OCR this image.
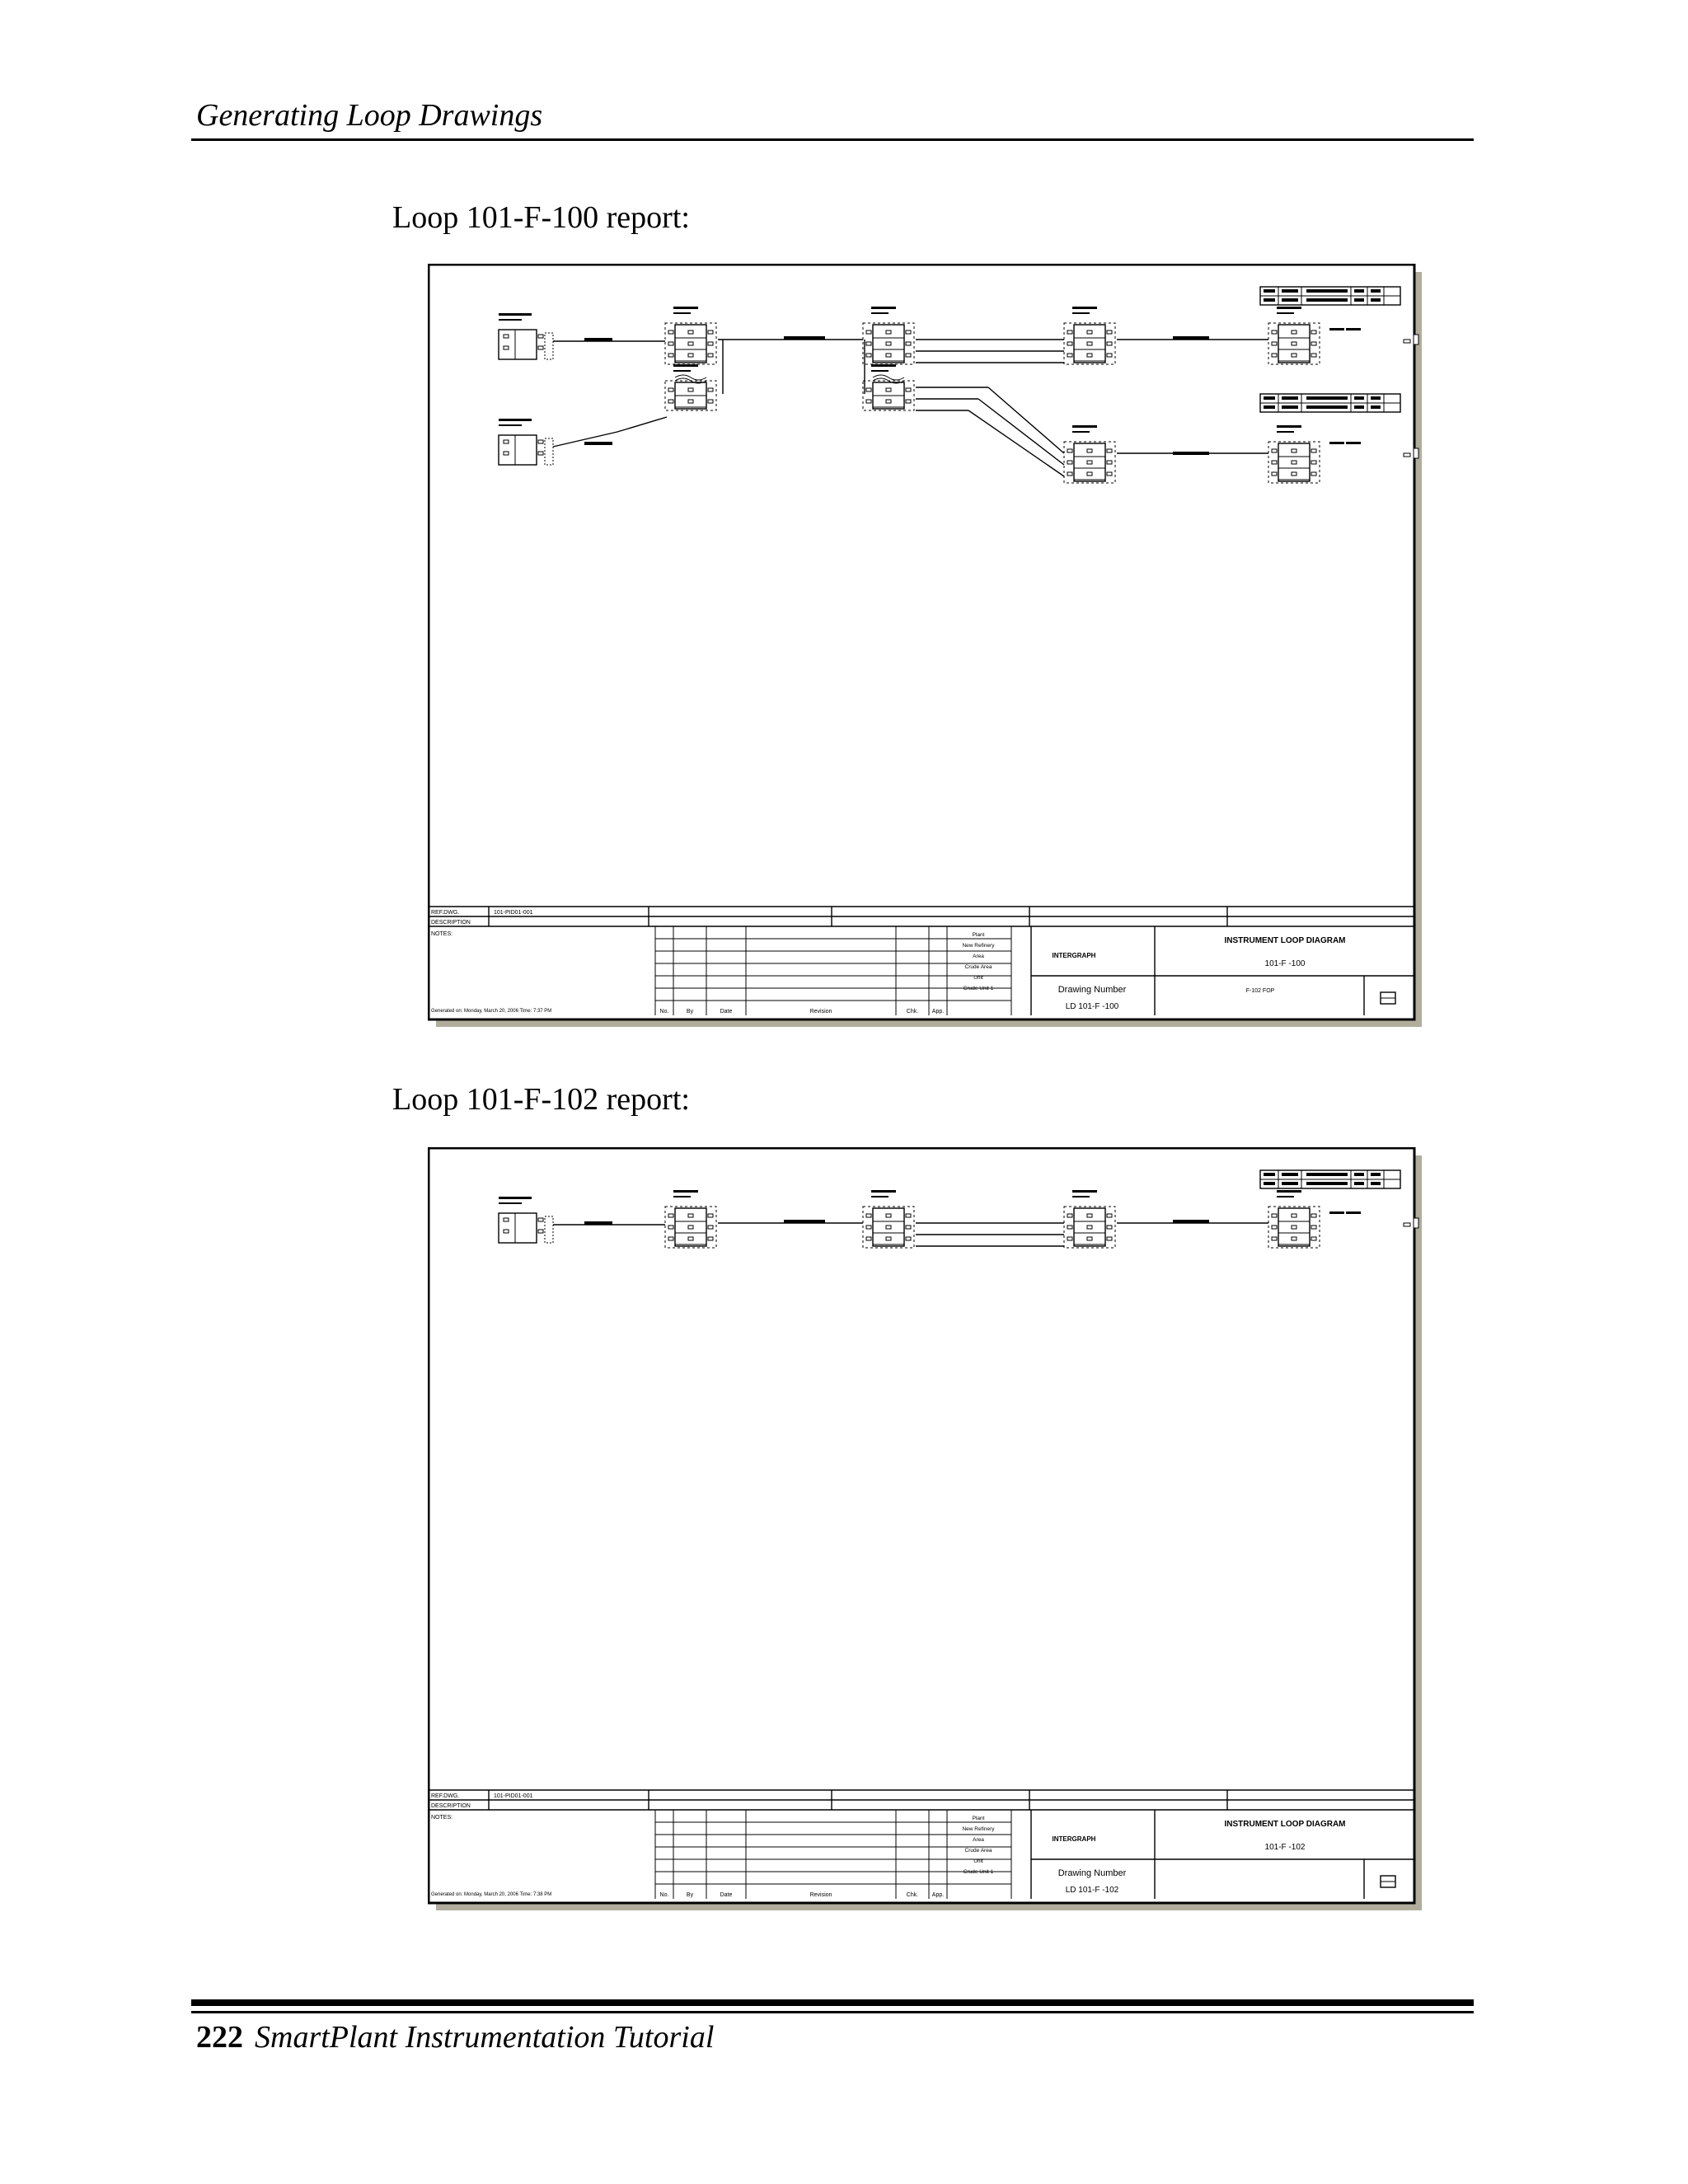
Generating Loop Drawings
Loop 101-F-100 report:
REF.DWG.	101-PID01-001
DESCRIPTION
NOTES:
Generated on: Monday, March 20, 2006 Time: 7:37 PM	No.	By	Date	Revision	Chk. App.
Plant
New Refinery
Area
Crude Area
Unit
Crude Unit 1
INTERGRAPH
INSTRUMENT LOOP DIAGRAM
101-F -100
Drawing Number
LD 101-F -100
F-102 FOP
Loop 101-F-102 report:
REF.DWG.	101-PID01-001
DESCRIPTION
NOTES:
Generated on: Monday, March 20, 2006 Time: 7:38 PM	No.	By	Date	Revision	Chk. App.
Plant
New Refinery
Area
Crude Area
Unit
Crude Unit 1
INTERGRAPH
INSTRUMENT LOOP DIAGRAM
101-F -102
Drawing Number
LD 101-F -102
222 SmartPlant Instrumentation Tutorial
